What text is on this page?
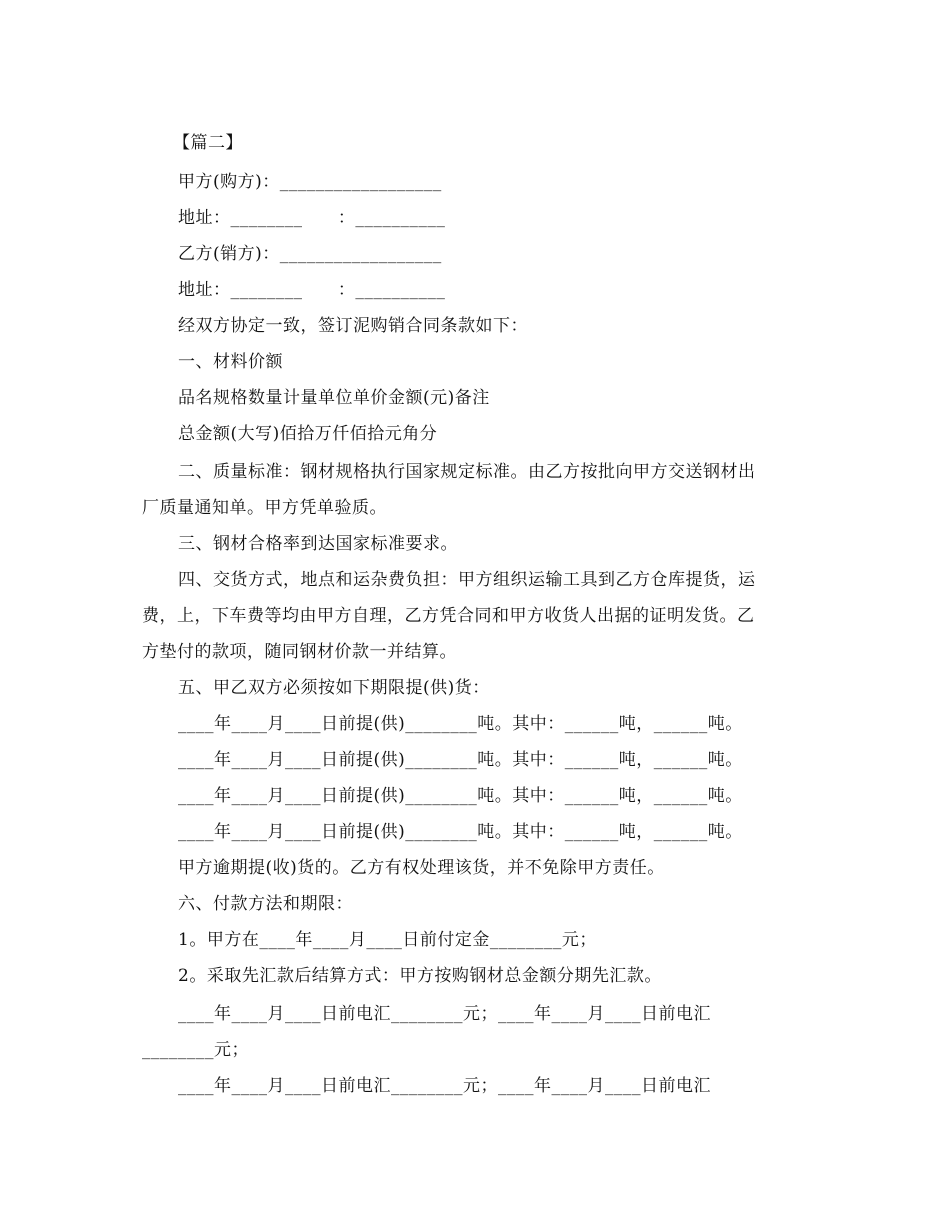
【篇二】
甲方(购方)：__________________
地址：________      ：__________
乙方(销方)：__________________
地址：________      ：__________
经双方协定一致，签订泥购销合同条款如下：
一、材料价额
品名规格数量计量单位单价金额(元)备注
总金额(大写)佰拾万仟佰拾元角分
二、质量标准：钢材规格执行国家规定标准。由乙方按批向甲方交送钢材出
厂质量通知单。甲方凭单验质。
三、钢材合格率到达国家标准要求。
四、交货方式，地点和运杂费负担：甲方组织运输工具到乙方仓库提货，运
费，上，下车费等均由甲方自理，乙方凭合同和甲方收货人出据的证明发货。乙
方垫付的款项，随同钢材价款一并结算。
五、甲乙双方必须按如下期限提(供)货：
____年____月____日前提(供)________吨。其中：______吨，______吨。
____年____月____日前提(供)________吨。其中：______吨，______吨。
____年____月____日前提(供)________吨。其中：______吨，______吨。
____年____月____日前提(供)________吨。其中：______吨，______吨。
甲方逾期提(收)货的。乙方有权处理该货，并不免除甲方责任。
六、付款方法和期限：
1。甲方在____年____月____日前付定金________元；
2。采取先汇款后结算方式：甲方按购钢材总金额分期先汇款。
____年____月____日前电汇________元；____年____月____日前电汇
________元；
____年____月____日前电汇________元；____年____月____日前电汇
